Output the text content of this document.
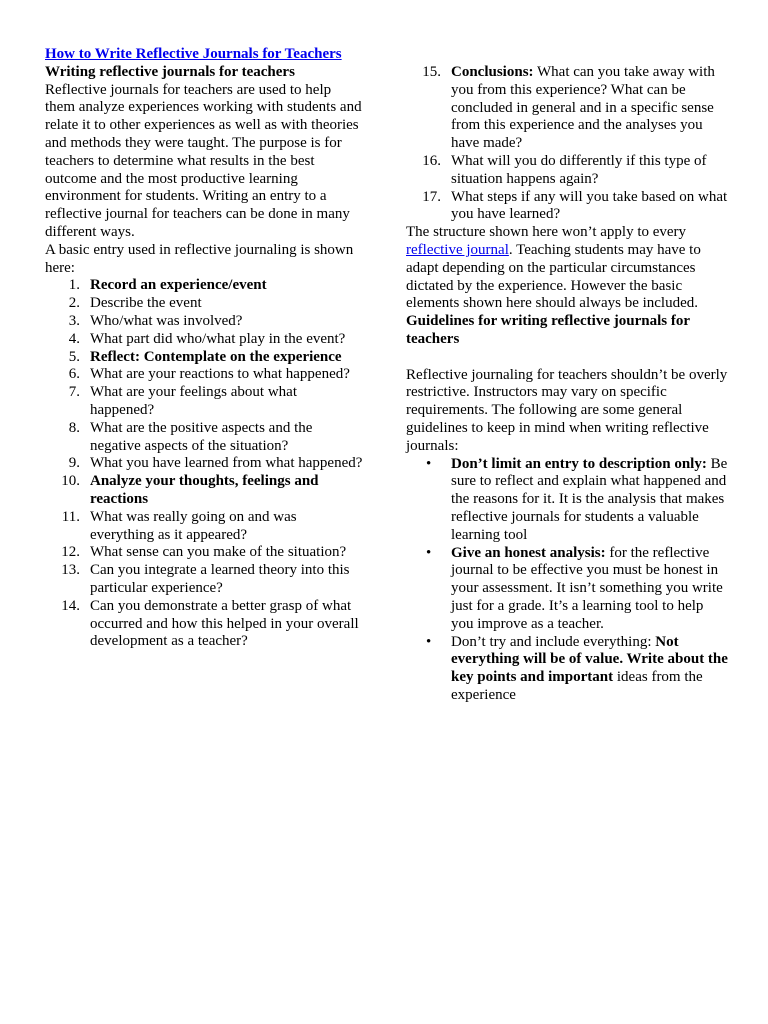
How to Write Reflective Journals for Teachers

Writing reflective journals for teachers

Reflective journals for teachers are used to help them analyze experiences working with students and relate it to other experiences as well as with theories and methods they were taught. The purpose is for teachers to determine what results in the best outcome and the most productive learning environment for students. Writing an entry to a reflective journal for teachers can be done in many different ways.

A basic entry used in reflective journaling is shown here:

1. Record an experience/event
2. Describe the event
3. Who/what was involved?
4. What part did who/what play in the event?
5. Reflect: Contemplate on the experience
6. What are your reactions to what happened?
7. What are your feelings about what happened?
8. What are the positive aspects and the negative aspects of the situation?
9. What you have learned from what happened?
10. Analyze your thoughts, feelings and reactions
11. What was really going on and was everything as it appeared?
12. What sense can you make of the situation?
13. Can you integrate a learned theory into this particular experience?
14. Can you demonstrate a better grasp of what occurred and how this helped in your overall development as a teacher?
15. Conclusions: What can you take away with you from this experience? What can be concluded in general and in a specific sense from this experience and the analyses you have made?
16. What will you do differently if this type of situation happens again?
17. What steps if any will you take based on what you have learned?

The structure shown here won’t apply to every reflective journal. Teaching students may have to adapt depending on the particular circumstances dictated by the experience. However the basic elements shown here should always be included.

Guidelines for writing reflective journals for teachers

Reflective journaling for teachers shouldn’t be overly restrictive. Instructors may vary on specific requirements. The following are some general guidelines to keep in mind when writing reflective journals:

• Don’t limit an entry to description only: Be sure to reflect and explain what happened and the reasons for it. It is the analysis that makes reflective journals for students a valuable learning tool
• Give an honest analysis: for the reflective journal to be effective you must be honest in your assessment. It isn’t something you write just for a grade. It’s a learning tool to help you improve as a teacher.
• Don’t try and include everything: Not everything will be of value. Write about the key points and important ideas from the experience
